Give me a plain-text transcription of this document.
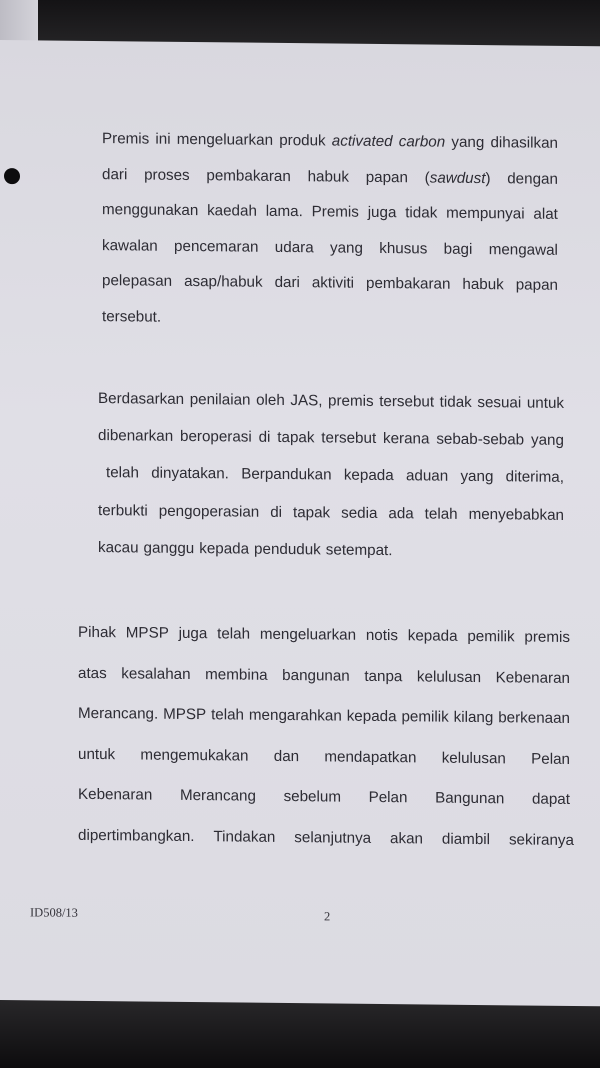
Premis ini mengeluarkan produk activated carbon yang dihasilkan
dari proses pembakaran habuk papan (sawdust) dengan
menggunakan kaedah lama. Premis juga tidak mempunyai alat
kawalan pencemaran udara yang khusus bagi mengawal
pelepasan asap/habuk dari aktiviti pembakaran habuk papan
tersebut.
Berdasarkan penilaian oleh JAS, premis tersebut tidak sesuai untuk
dibenarkan beroperasi di tapak tersebut kerana sebab-sebab yang
telah dinyatakan. Berpandukan kepada aduan yang diterima,
terbukti pengoperasian di tapak sedia ada telah menyebabkan
kacau ganggu kepada penduduk setempat.
Pihak MPSP juga telah mengeluarkan notis kepada pemilik premis
atas kesalahan membina bangunan tanpa kelulusan Kebenaran
Merancang. MPSP telah mengarahkan kepada pemilik kilang berkenaan
untuk mengemukakan dan mendapatkan kelulusan Pelan
Kebenaran Merancang sebelum Pelan Bangunan dapat
dipertimbangkan. Tindakan selanjutnya akan diambil sekiranya
ID508/13	2
